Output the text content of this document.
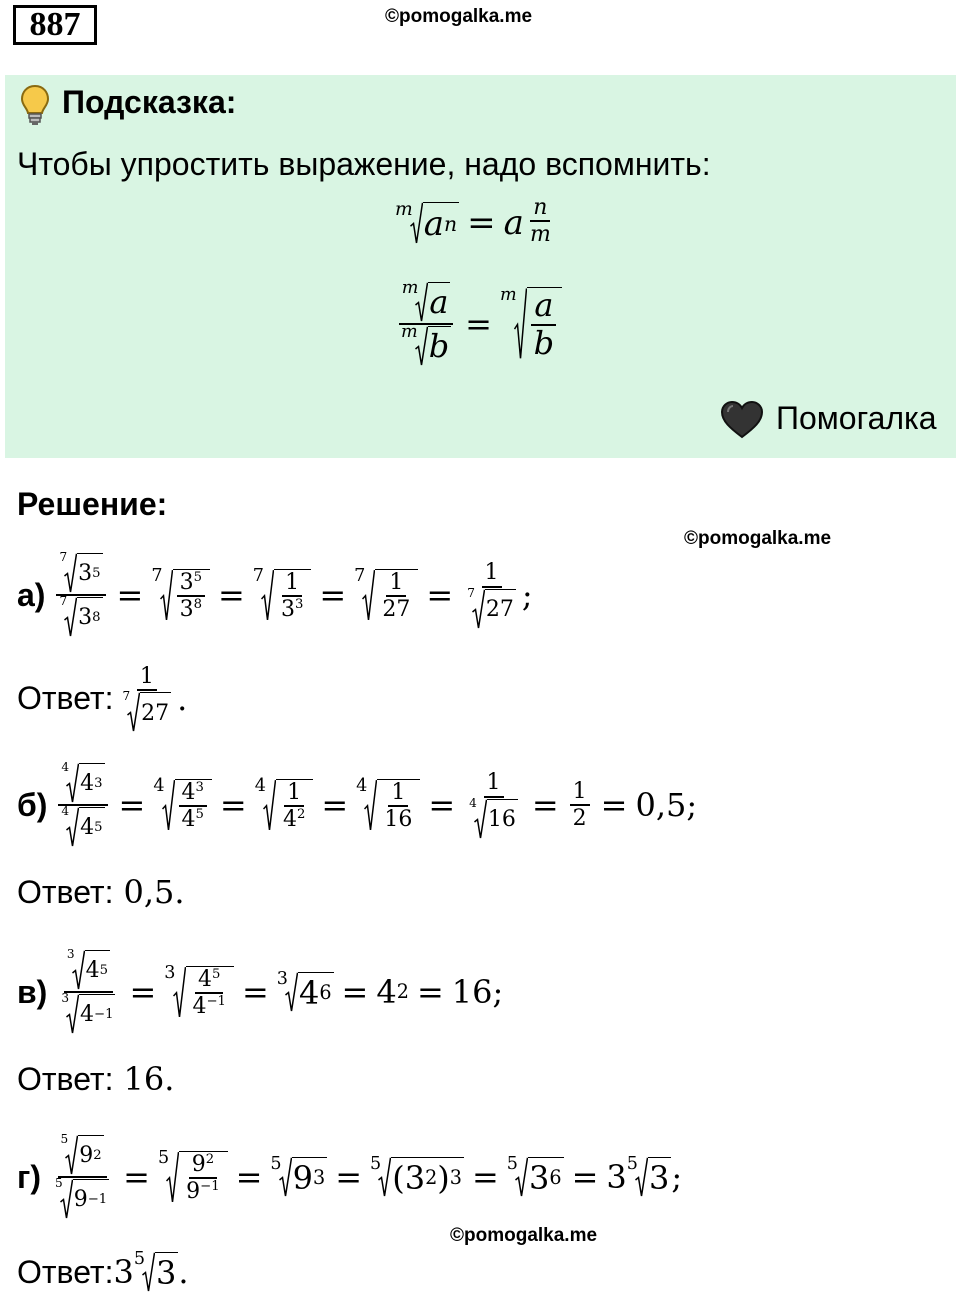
887	©pomogalka.me
Подсказка:
Чтобы упростить выражение, надо вспомнить:
m a n = a $\frac{n}{m}$
$\frac{\text{m a}}{\text{m b}}$ =
m $\frac{a}{b}$
Помогалка
Решение:
©pomogalka.me
а) 7
3 5
7
3 $8 = 7 \frac{3^5}{3^8} = 7 \frac{1}{3^3} = 7 \frac{1}{27} = 1$
7
27 ;
Ответ: 1
7
27 .
б) 4
4 3
4
4 $5 = 4 \frac{4^3}{4^5} = 4 \frac{1}{4^2} = 4 \frac{1}{16} = 1$
4
$16 = \frac{1}{2} = 0,5$ ;
Ответ: 0,5.
в) 3
4 5
3
$4 -1 = 3 \frac{4^5}{4^{-1}} = 3$ 4 6 = 4 2 = 16 ;
Ответ: 16.
г) 5
9 2
5
$9 -1 = 5 \frac{9^2}{9^{-1}} = 5$ 9 3 = 5 ( 3 2 ) 3 = 5 3 6 = 3 5 3 ;
©pomogalka.me
Ответ: 3 5 3 .
